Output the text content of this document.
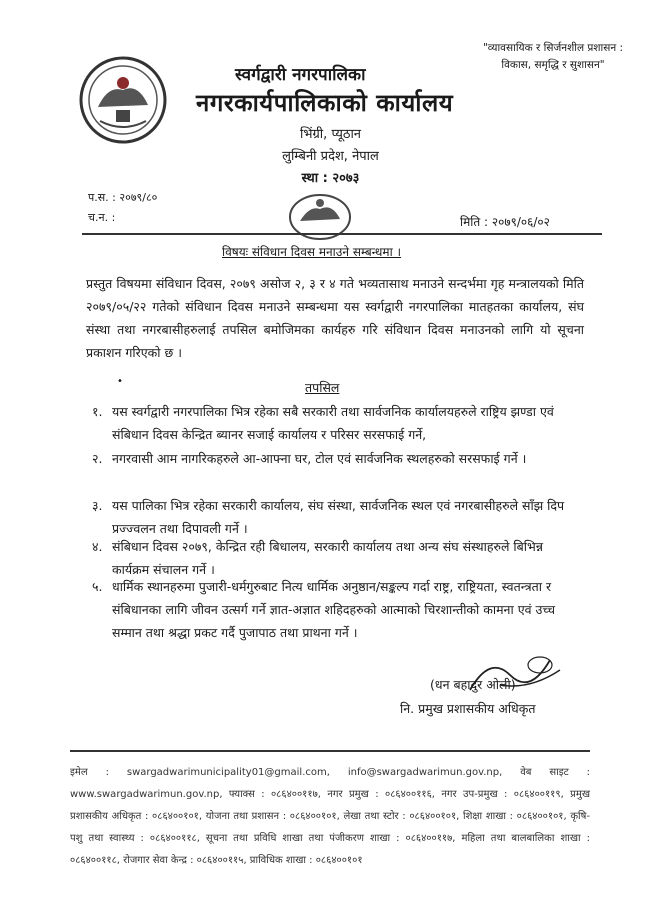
स्वर्गद्वारी नगरपालिका
नगरकार्यपालिकाको कार्यालय
भिंग्री, प्यूठान
लुम्बिनी प्रदेश, नेपाल
स्था : २०७३
"व्यावसायिक र सिर्जनशील प्रशासन : विकास, समृद्धि र सुशासन"
प.स. : २०७९/८०
च.न. :	मिति : २०७९/०६/०२
विषयः संविधान दिवस मनाउने सम्बन्धमा ।
प्रस्तुत विषयमा संविधान दिवस, २०७९ असोज २, ३ र ४ गते भव्यतासाथ मनाउने सन्दर्भमा गृह मन्त्रालयको मिति २०७९/०५/२२ गतेको संविधान दिवस मनाउने सम्बन्धमा यस स्वर्गद्वारी नगरपालिका मातहतका कार्यालय, संघ संस्था तथा नगरबासीहरुलाई तपसिल बमोजिमका कार्यहरु गरि संविधान दिवस मनाउनको लागि यो सूचना प्रकाशन गरिएको छ ।
•	तपसिल
१. यस स्वर्गद्वारी नगरपालिका भित्र रहेका सबै सरकारी तथा सार्वजनिक कार्यालयहरुले राष्ट्रिय झण्डा एवं संबिधान दिवस केन्द्रित ब्यानर सजाई कार्यालय र परिसर सरसफाई गर्ने,
२. नगरवासी आम नागरिकहरुले आ-आफ्ना घर, टोल एवं सार्वजनिक स्थलहरुको सरसफाई गर्ने ।
३. यस पालिका भित्र रहेका सरकारी कार्यालय, संघ संस्था, सार्वजनिक स्थल एवं नगरबासीहरुले साँझ दिप प्रज्ज्वलन तथा दिपावली गर्ने ।
४. संबिधान दिवस २०७९, केन्द्रित रही बिधालय, सरकारी कार्यालय तथा अन्य संघ संस्थाहरुले बिभिन्न कार्यक्रम संचालन गर्ने ।
५. धार्मिक स्थानहरुमा पुजारी-धर्मगुरुबाट नित्य धार्मिक अनुष्ठान/सङ्कल्प गर्दा राष्ट्र, राष्ट्रियता, स्वतन्त्रता र संबिधानका लागि जीवन उत्सर्ग गर्ने ज्ञात-अज्ञात शहिदहरुको आत्माको चिरशान्तीको कामना एवं उच्च सम्मान तथा श्रद्धा प्रकट गर्दै पुजापाठ तथा प्राथना गर्ने ।
(धन बहादुर ओली)
नि. प्रमुख प्रशासकीय अधिकृत
इमेल : swargadwarimunicipality01@gmail.com, info@swargadwarimun.gov.np, वेब साइट : www.swargadwarimun.gov.np, फ्याक्स : ०८६४००११७, नगर प्रमुख : ०८६४००११६, नगर उप-प्रमुख : ०८६४००११९, प्रमुख प्रशासकीय अधिकृत : ०८६४००१०१, योजना तथा प्रशासन : ०८६४००१०१, लेखा तथा स्टोर : ०८६४००१०१, शिक्षा शाखा : ०८६४००१०१, कृषि-पशु तथा स्वास्थ्य : ०८६४००११८, सूचना तथा प्रविधि शाखा तथा पंजीकरण शाखा : ०८६४००११७, महिला तथा बालबालिका शाखा : ०८६४००११८, रोजगार सेवा केन्द्र : ०८६४००११५, प्राविधिक शाखा : ०८६४००१०१
